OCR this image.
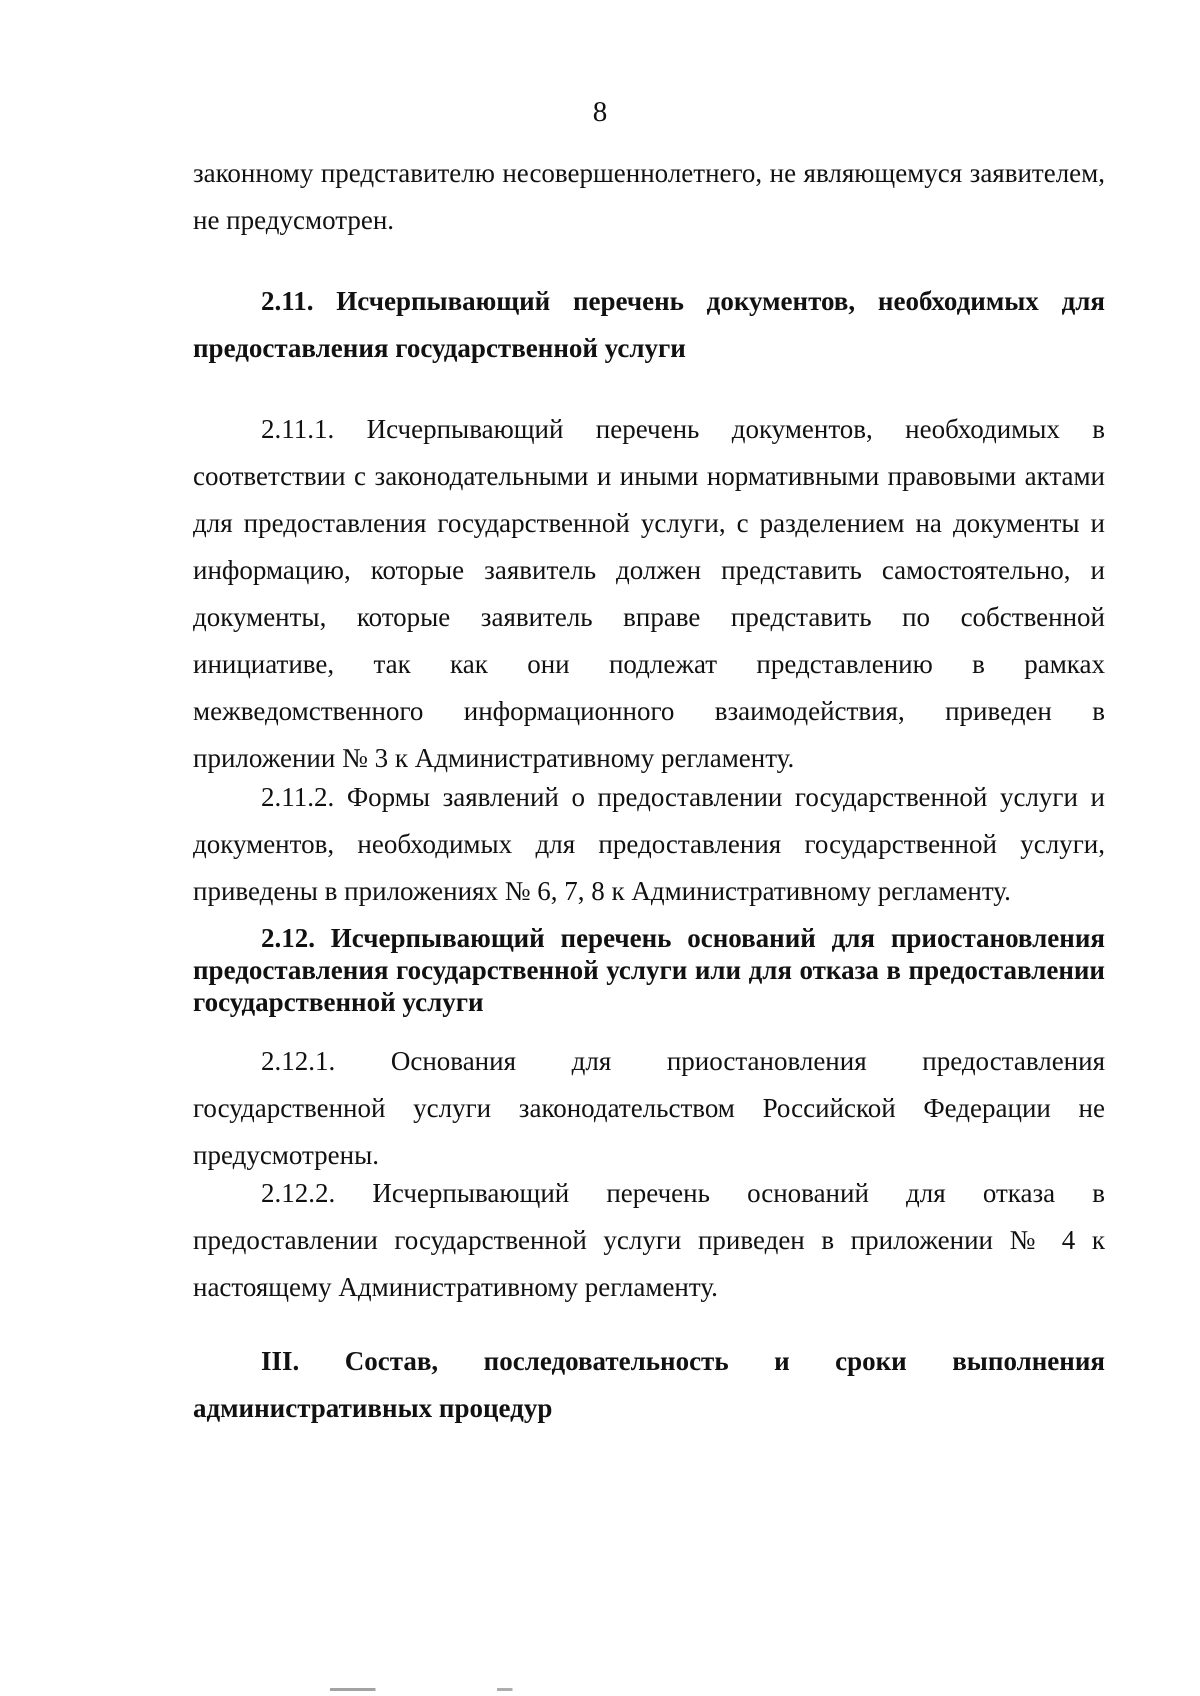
8

законному представителю несовершеннолетнего, не являющемуся заявителем, не предусмотрен.

2.11. Исчерпывающий перечень документов, необходимых для предоставления государственной услуги

2.11.1. Исчерпывающий перечень документов, необходимых в соответствии с законодательными и иными нормативными правовыми актами для предоставления государственной услуги, с разделением на документы и информацию, которые заявитель должен представить самостоятельно, и документы, которые заявитель вправе представить по собственной инициативе, так как они подлежат представлению в рамках межведомственного информационного взаимодействия, приведен в приложении № 3 к Административному регламенту.

2.11.2. Формы заявлений о предоставлении государственной услуги и документов, необходимых для предоставления государственной услуги, приведены в приложениях № 6, 7, 8 к Административному регламенту.

2.12. Исчерпывающий перечень оснований для приостановления предоставления государственной услуги или для отказа в предоставлении государственной услуги

2.12.1. Основания для приостановления предоставления государственной услуги законодательством Российской Федерации не предусмотрены.

2.12.2. Исчерпывающий перечень оснований для отказа в предоставлении государственной услуги приведен в приложении № 4 к настоящему Административному регламенту.

III. Состав, последовательность и сроки выполнения административных процедур
